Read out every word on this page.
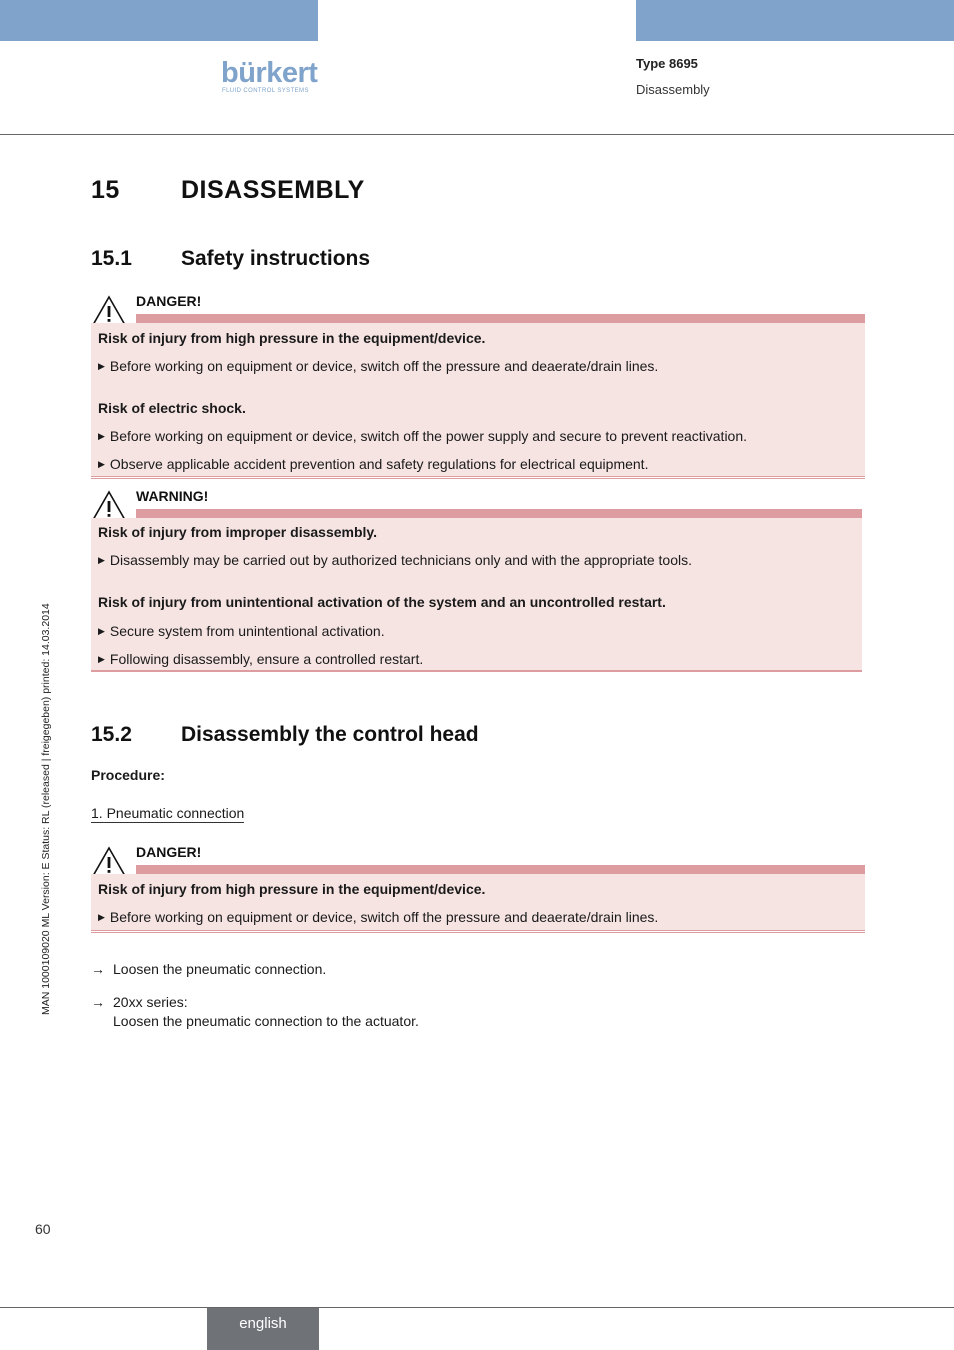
bürkert
FLUID CONTROL SYSTEMS
Type 8695
Disassembly
15 DISASSEMBLY
15.1 Safety instructions
DANGER!
Risk of injury from high pressure in the equipment/device.
▶ Before working on equipment or device, switch off the pressure and deaerate/drain lines.
Risk of electric shock.
▶ Before working on equipment or device, switch off the power supply and secure to prevent reactivation.
▶ Observe applicable accident prevention and safety regulations for electrical equipment.
WARNING!
Risk of injury from improper disassembly.
▶ Disassembly may be carried out by authorized technicians only and with the appropriate tools.
Risk of injury from unintentional activation of the system and an uncontrolled restart.
▶ Secure system from unintentional activation.
▶ Following disassembly, ensure a controlled restart.
15.2 Disassembly the control head
Procedure:
1. Pneumatic connection
DANGER!
Risk of injury from high pressure in the equipment/device.
▶ Before working on equipment or device, switch off the pressure and deaerate/drain lines.
→ Loosen the pneumatic connection.
→ 20xx series:
Loosen the pneumatic connection to the actuator.
MAN 1000109020 ML Version: E Status: RL (released | freigegeben) printed: 14.03.2014
60
english
